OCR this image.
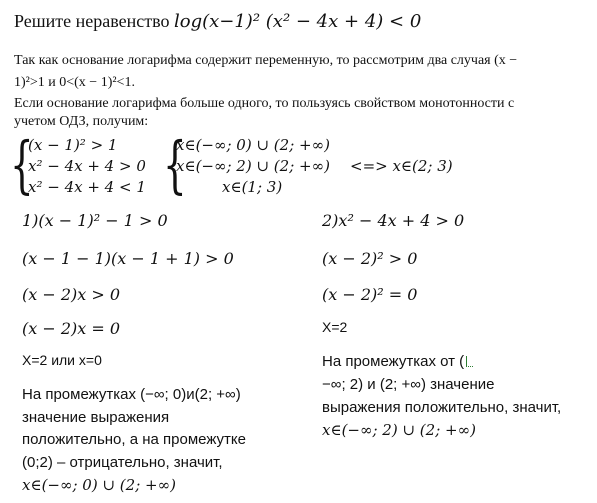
Решите неравенство log(x−1)² (x² − 4x + 4) < 0
Так как основание логарифма содержит переменную, то рассмотрим два случая (x −
1)²>1 и 0<(x − 1)²<1.
Если основание логарифма больше одного, то пользуясь свойством монотонности с
учетом ОДЗ, получим:
{
(x − 1)² > 1
x² − 4x + 4 > 0
x² − 4x + 4 < 1 {
x∈(−∞; 0) ∪ (2; +∞)
x∈(−∞; 2) ∪ (2; +∞)
x∈(1; 3)
<=> x∈(2; 3)
1)(x − 1)² − 1 > 0
(x − 1 − 1)(x − 1 + 1) > 0
(x − 2)x > 0
(x − 2)x = 0
X=2 или x=0
На промежутках (−∞; 0)и(2; +∞)
значение выражения
положительно, а на промежутке
(0;2) – отрицательно, значит,
x∈(−∞; 0) ∪ (2; +∞)
2)x² − 4x + 4 > 0
(x − 2)² > 0
(x − 2)² = 0
X=2
На промежутках от (
−∞; 2) и (2; +∞) значение
выражения положительно, значит,
x∈(−∞; 2) ∪ (2; +∞)
